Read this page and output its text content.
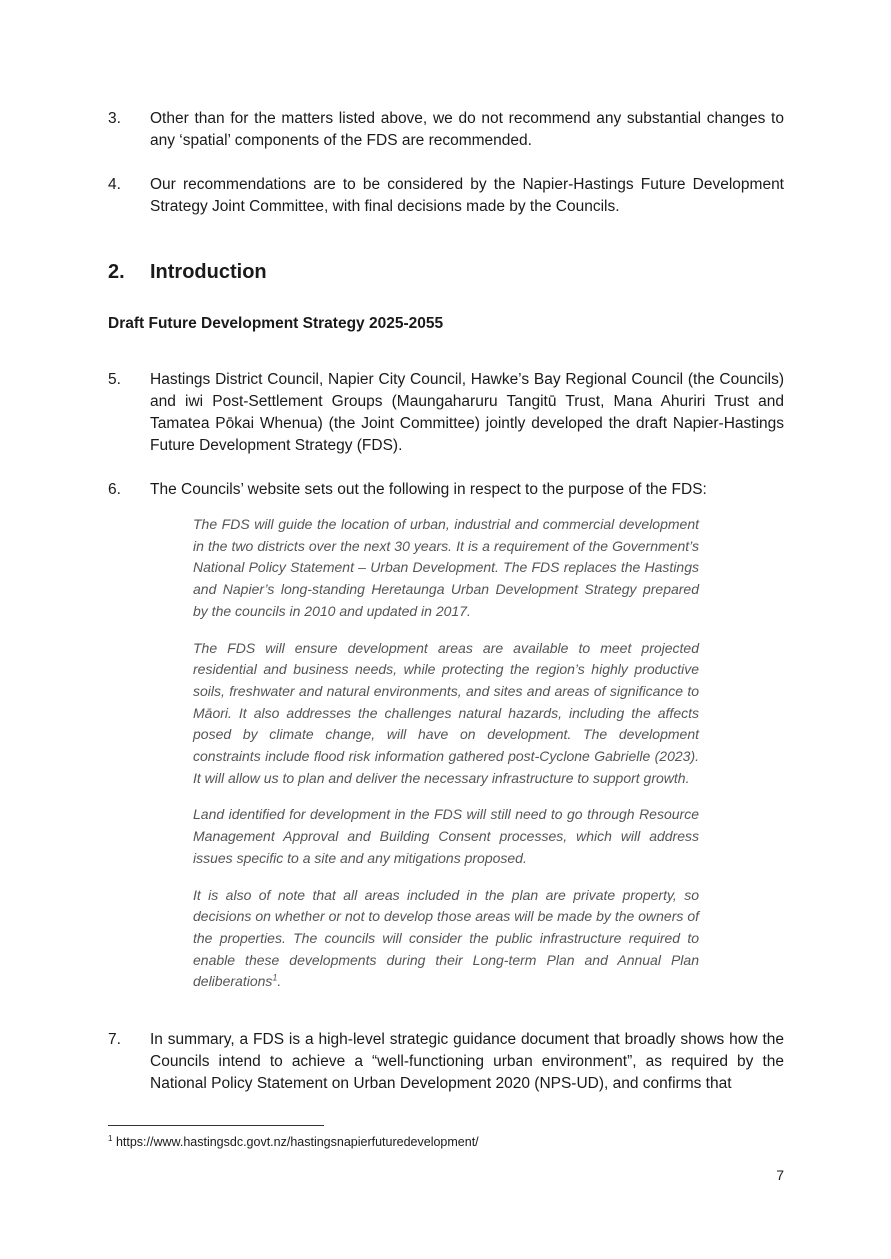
3.	Other than for the matters listed above, we do not recommend any substantial changes to any ‘spatial’ components of the FDS are recommended.
4.	Our recommendations are to be considered by the Napier-Hastings Future Development Strategy Joint Committee, with final decisions made by the Councils.
2. Introduction
Draft Future Development Strategy 2025-2055
5.	Hastings District Council, Napier City Council, Hawke’s Bay Regional Council (the Councils) and iwi Post-Settlement Groups (Maungaharuru Tangitū Trust, Mana Ahuriri Trust and Tamatea Pōkai Whenua) (the Joint Committee) jointly developed the draft Napier-Hastings Future Development Strategy (FDS).
6.	The Councils’ website sets out the following in respect to the purpose of the FDS:

The FDS will guide the location of urban, industrial and commercial development in the two districts over the next 30 years. It is a requirement of the Government’s National Policy Statement – Urban Development. The FDS replaces the Hastings and Napier’s long-standing Heretaunga Urban Development Strategy prepared by the councils in 2010 and updated in 2017.

The FDS will ensure development areas are available to meet projected residential and business needs, while protecting the region’s highly productive soils, freshwater and natural environments, and sites and areas of significance to Māori. It also addresses the challenges natural hazards, including the affects posed by climate change, will have on development. The development constraints include flood risk information gathered post-Cyclone Gabrielle (2023). It will allow us to plan and deliver the necessary infrastructure to support growth.

Land identified for development in the FDS will still need to go through Resource Management Approval and Building Consent processes, which will address issues specific to a site and any mitigations proposed.

It is also of note that all areas included in the plan are private property, so decisions on whether or not to develop those areas will be made by the owners of the properties. The councils will consider the public infrastructure required to enable these developments during their Long-term Plan and Annual Plan deliberations$^1$.

7.	In summary, a FDS is a high-level strategic guidance document that broadly shows how the Councils intend to achieve a “well-functioning urban environment”, as required by the National Policy Statement on Urban Development 2020 (NPS-UD), and confirms that
$^1$ https://www.hastingsdc.govt.nz/hastingsnapierfuturedevelopment/
7
